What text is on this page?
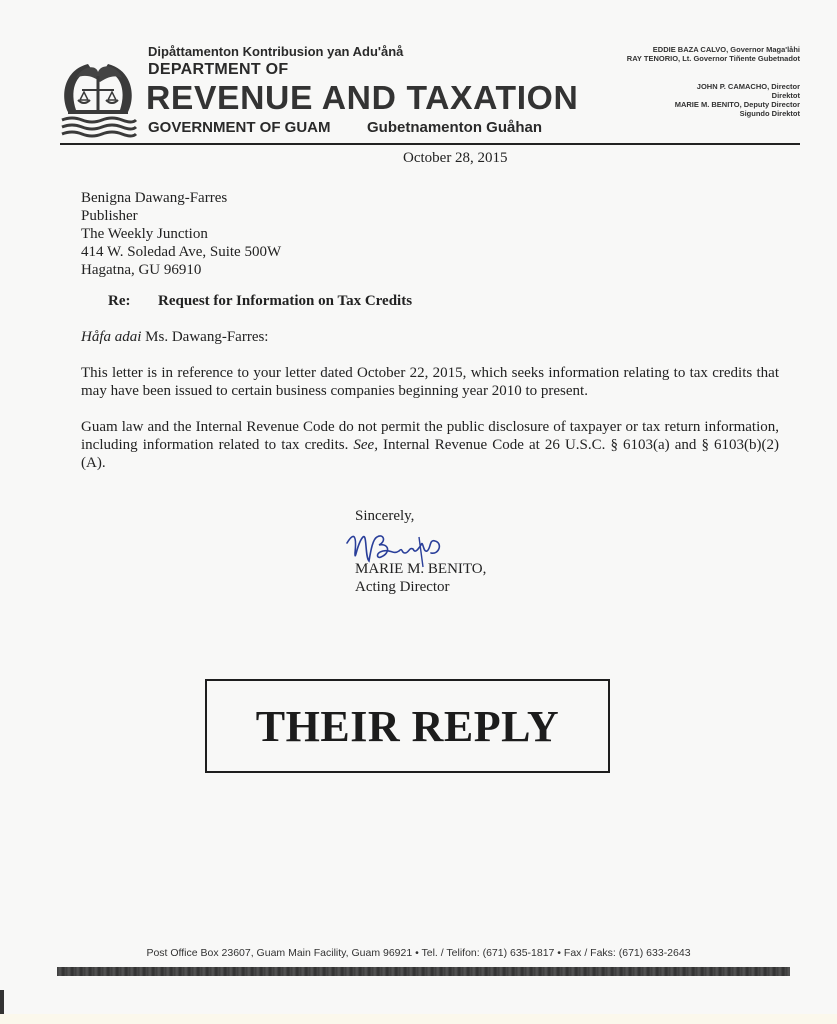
Dipåttamenton Kontribusion yan Adu'ånå
DEPARTMENT OF
REVENUE AND TAXATION
GOVERNMENT OF GUAM Gubetnamenton Guåhan
EDDIE BAZA CALVO, Governor Maga'låhi
RAY TENORIO, Lt. Governor Tiñente Gubetnadot
JOHN P. CAMACHO, Director
Direktot
MARIE M. BENITO, Deputy Director
Sigundo Direktot
October 28, 2015
Benigna Dawang-Farres
Publisher
The Weekly Junction
414 W. Soledad Ave, Suite 500W
Hagatna, GU 96910
Re: Request for Information on Tax Credits
Håfa adai Ms. Dawang-Farres:
This letter is in reference to your letter dated October 22, 2015, which seeks information relating to tax credits that may have been issued to certain business companies beginning year 2010 to present.
Guam law and the Internal Revenue Code do not permit the public disclosure of taxpayer or tax return information, including information related to tax credits. See, Internal Revenue Code at 26 U.S.C. § 6103(a) and § 6103(b)(2)(A).
Sincerely,
MARIE M. BENITO,
Acting Director
THEIR REPLY
Post Office Box 23607, Guam Main Facility, Guam 96921 • Tel. / Telifon: (671) 635-1817 • Fax / Faks: (671) 633-2643
